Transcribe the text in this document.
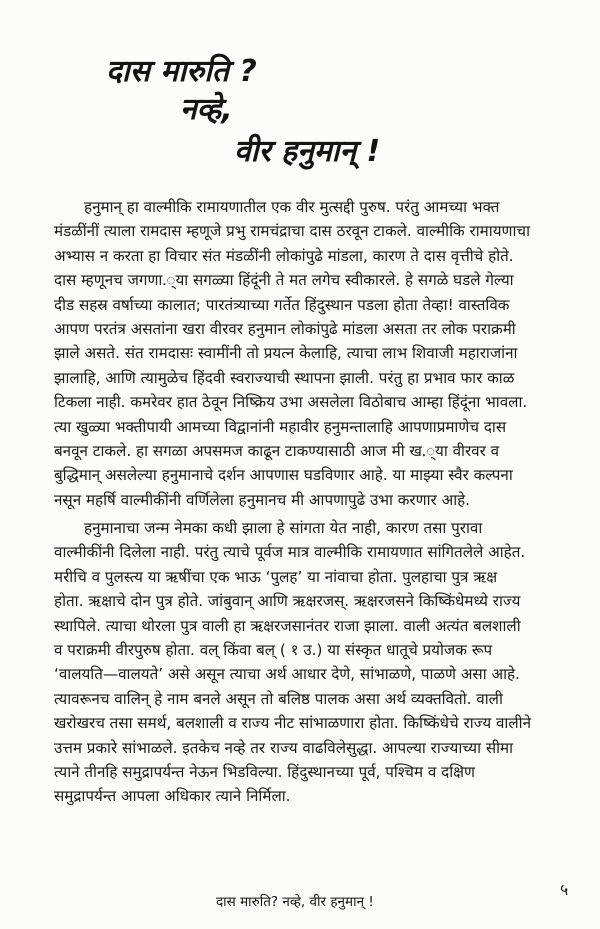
दास मारुति ?
नव्हे,
वीर हनुमान् !
हनुमान् हा वाल्मीकि रामायणातील एक वीर मुत्सद्दी पुरुष. परंतु आमच्या भक्त
मंडळींनीं त्याला रामदास म्हणूजे प्रभु रामचंद्राचा दास ठरवून टाकले. वाल्मीकि रामायणाचा
अभ्यास न करता हा विचार संत मंडळींनी लोकांपुढे मांडला, कारण ते दास वृत्तीचे होते.
दास म्हणूनच जगणा.्या सगळ्या हिंदूंनी ते मत लगेच स्वीकारले. हे सगळे घडले गेल्या
दीड सहस्र वर्षाच्या कालात; पारतंत्र्याच्या गर्तेत हिंदुस्थान पडला होता तेव्हा! वास्तविक
आपण परतंत्र असतांना खरा वीरवर हनुमान लोकांपुढे मांडला असता तर लोक पराक्रमी
झाले असते. संत रामदासः स्वामींनी तो प्रयत्न केलाहि, त्याचा लाभ शिवाजी महाराजांना
झालाहि, आणि त्यामुळेच हिंदवी स्वराज्याची स्थापना झाली. परंतु हा प्रभाव फार काळ
टिकला नाही. कमरेवर हात ठेवून निष्क्रिय उभा असलेला विठोबाच आम्हा हिंदूंना भावला.
त्या खुळ्या भक्तीपायी आमच्या विद्वानांनी महावीर हनुमन्तालाहि आपणाप्रमाणेच दास
बनवून टाकले. हा सगळा अपसमज काढून टाकण्यासाठी आज मी ख.्या वीरवर व
बुद्धिमान् असलेल्या हनुमानाचे दर्शन आपणास घडविणार आहे. या माझ्या स्वैर कल्पना
नसून महर्षि वाल्मीकींनी वर्णिलेला हनुमानच मी आपणापुढे उभा करणार आहे.
हनुमानाचा जन्म नेमका कधी झाला हे सांगता येत नाही, कारण तसा पुरावा
वाल्मीकींनी दिलेला नाही. परंतु त्याचे पूर्वज मात्र वाल्मीकि रामायणात सांगितलेले आहेत.
मरीचि व पुलस्त्य या ऋषींचा एक भाऊ ‘पुलह’ या नांवाचा होता. पुलहाचा पुत्र ऋक्ष
होता. ऋक्षाचे दोन पुत्र होते. जांबुवान् आणि ऋक्षरजस्. ऋक्षरजसने किष्किंधेमध्ये राज्य
स्थापिले. त्याचा थोरला पुत्र वाली हा ऋक्षरजसानंतर राजा झाला. वाली अत्यंत बलशाली
व पराक्रमी वीरपुरुष होता. वल् किंवा बल् ( १ उ.) या संस्कृत धातूचे प्रयोजक रूप
‘वालयति—वालयते’ असे असून त्याचा अर्थ आधार देणे, सांभाळणे, पाळणे असा आहे.
त्यावरूनच वालिन् हे नाम बनले असून तो बलिष्ठ पालक असा अर्थ व्यक्तवितो. वाली
खरोखरच तसा समर्थ, बलशाली व राज्य नीट सांभाळणारा होता. किष्किंधेचे राज्य वालीने
उत्तम प्रकारे सांभाळले. इतकेच नव्हे तर राज्य वाढविलेसुद्धा. आपल्या राज्याच्या सीमा
त्याने तीनहि समुद्रापर्यन्त नेऊन भिडविल्या. हिंदुस्थानच्या पूर्व, पश्चिम व दक्षिण
समुद्रापर्यन्त आपला अधिकार त्याने निर्मिला.
दास मारुति? नव्हे, वीर हनुमान् !
५
